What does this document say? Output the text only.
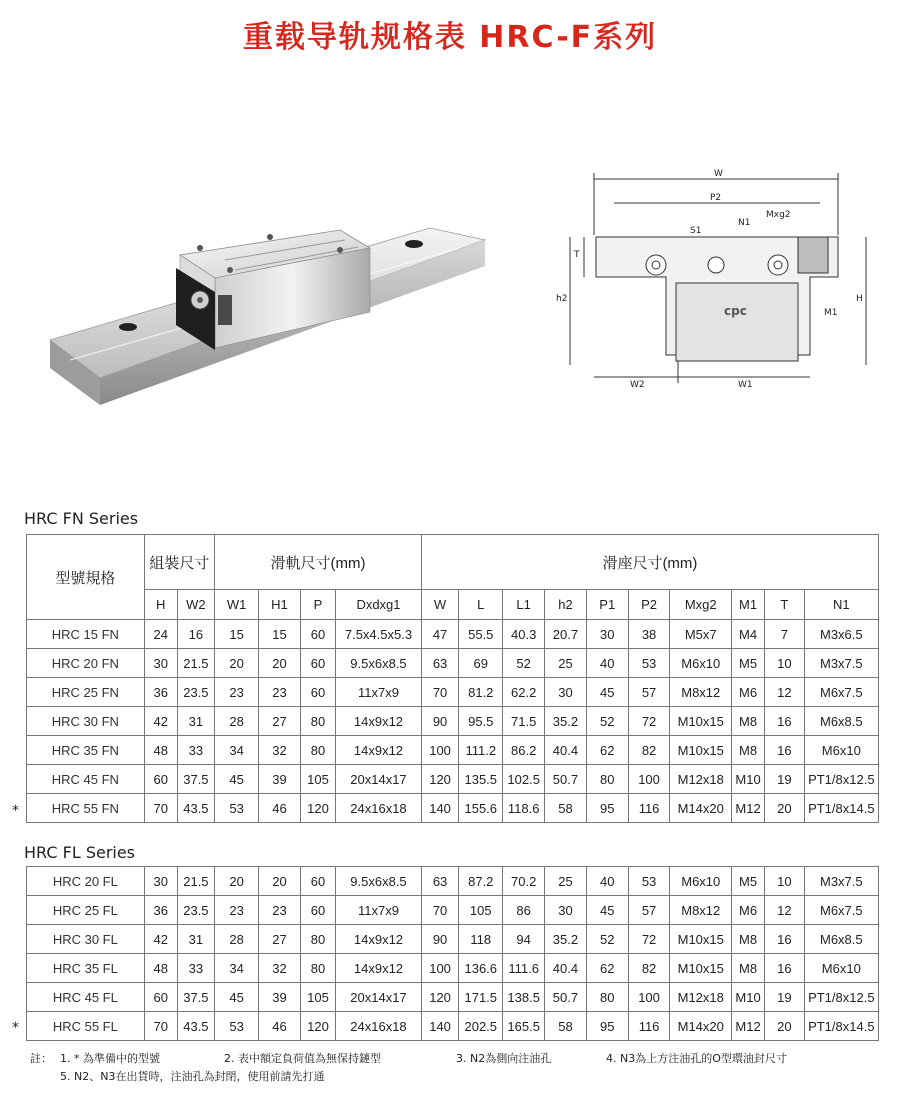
重载导轨规格表 HRC-F系列
W
P2
N1
Mxg2
S1
T
h2	H
M1
W2	W1
cpc
HRC FN Series
型號規格	組裝尺寸		滑軌尺寸(mm)				滑座尺寸(mm)									
	H	W2	W1	H1	P	Dxdxg1	W	L	L1	h2	P1	P2	Mxg2	M1	T	N1
HRC 15 FN	24	16	15	15	60	7.5x4.5x5.3	47	55.5	40.3	20.7	30	38	M5x7	M4	7	M3x6.5
HRC 20 FN	30	21.5	20	20	60	9.5x6x8.5	63	69	52	25	40	53	M6x10	M5	10	M3x7.5
HRC 25 FN	36	23.5	23	23	60	11x7x9	70	81.2	62.2	30	45	57	M8x12	M6	12	M6x7.5
HRC 30 FN	42	31	28	27	80	14x9x12	90	95.5	71.5	35.2	52	72	M10x15	M8	16	M6x8.5
HRC 35 FN	48	33	34	32	80	14x9x12	100	111.2	86.2	40.4	62	82	M10x15	M8	16	M6x10
HRC 45 FN	60	37.5	45	39	105	20x14x17	120	135.5	102.5	50.7	80	100	M12x18	M10	19	PT1/8x12.5
HRC 55 FN	70	43.5	53	46	120	24x16x18	140	155.6	118.6	58	95	116	M14x20	M12	20	PT1/8x14.5
HRC FL Series
HRC 20 FL	30	21.5	20	20	60	9.5x6x8.5	63	87.2	70.2	25	40	53	M6x10	M5	10	M3x7.5
HRC 25 FL	36	23.5	23	23	60	11x7x9	70	105	86	30	45	57	M8x12	M6	12	M6x7.5
HRC 30 FL	42	31	28	27	80	14x9x12	90	118	94	35.2	52	72	M10x15	M8	16	M6x8.5
HRC 35 FL	48	33	34	32	80	14x9x12	100	136.6	111.6	40.4	62	82	M10x15	M8	16	M6x10
HRC 45 FL	60	37.5	45	39	105	20x14x17	120	171.5	138.5	50.7	80	100	M12x18	M10	19	PT1/8x12.5
HRC 55 FL	70	43.5	53	46	120	24x16x18	140	202.5	165.5	58	95	116	M14x20	M12	20	PT1/8x14.5
註： 1. * 為準備中的型號	2. 表中額定負荷值為無保持鏈型	3. N2為側向注油孔	4. N3為上方注油孔的O型環油封尺寸
5. N2、N3在出貨時，注油孔為封閉，使用前請先打通
*
*
